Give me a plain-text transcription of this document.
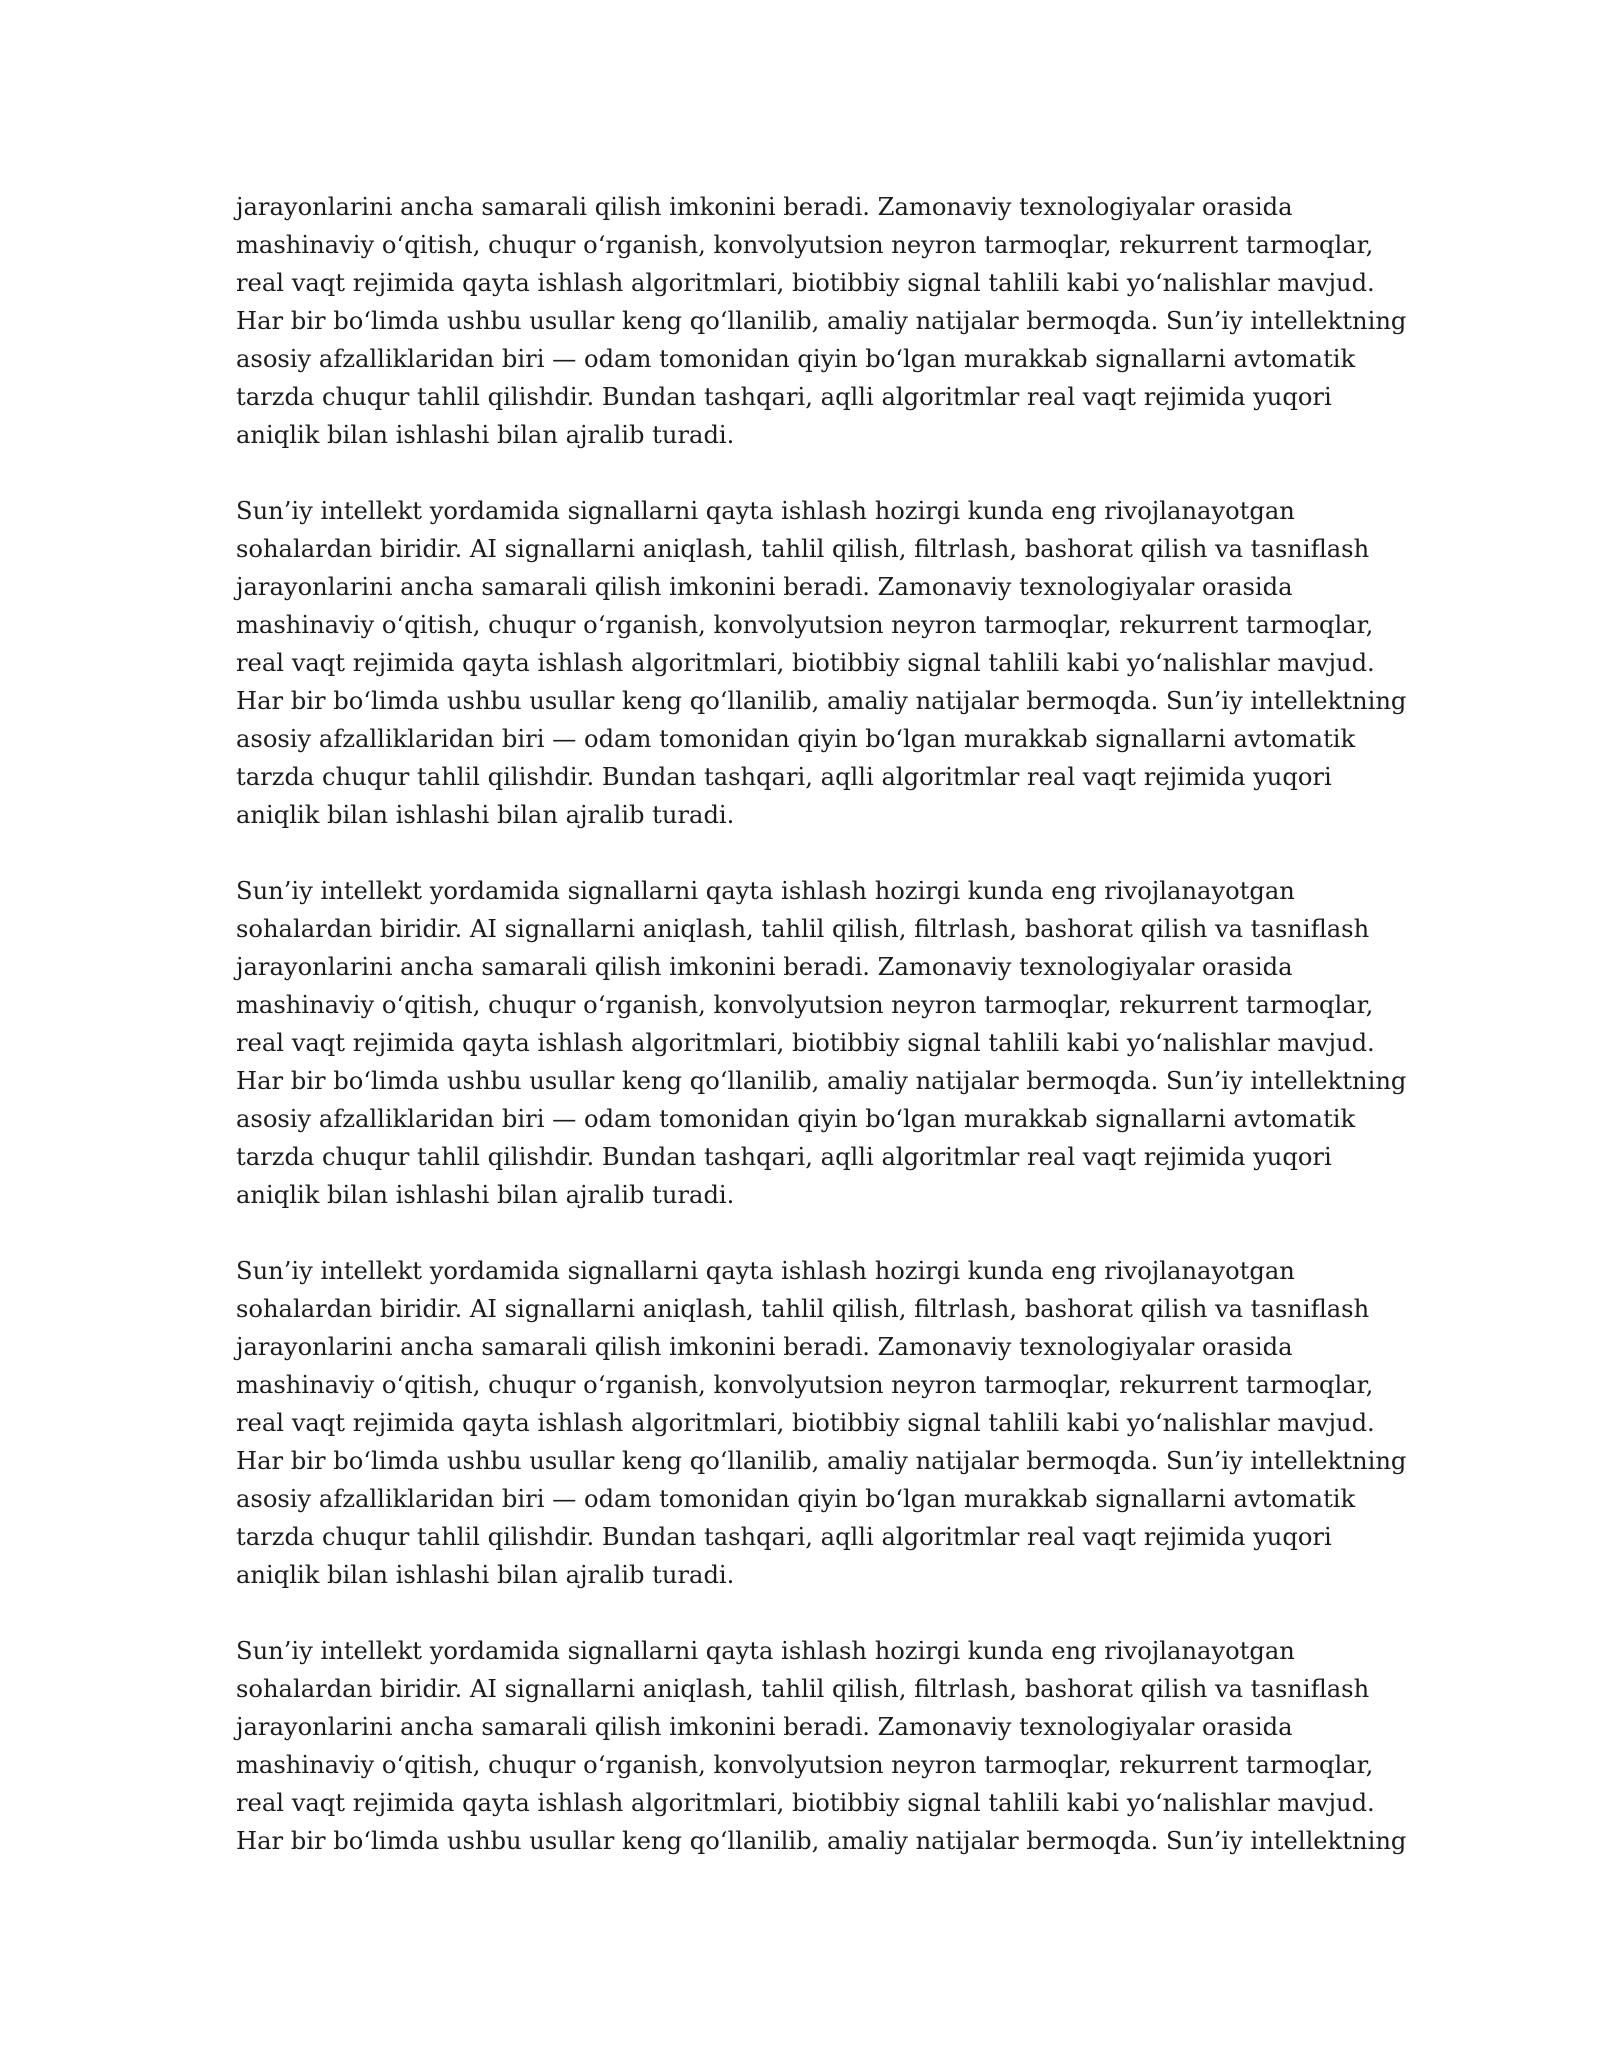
jarayonlarini ancha samarali qilish imkonini beradi. Zamonaviy texnologiyalar orasida
mashinaviy o‘qitish, chuqur o‘rganish, konvolyutsion neyron tarmoqlar, rekurrent tarmoqlar,
real vaqt rejimida qayta ishlash algoritmlari, biotibbiy signal tahlili kabi yo‘nalishlar mavjud.
Har bir bo‘limda ushbu usullar keng qo‘llanilib, amaliy natijalar bermoqda. Sun’iy intellektning
asosiy afzalliklaridan biri — odam tomonidan qiyin bo‘lgan murakkab signallarni avtomatik
tarzda chuqur tahlil qilishdir. Bundan tashqari, aqlli algoritmlar real vaqt rejimida yuqori
aniqlik bilan ishlashi bilan ajralib turadi.

Sun’iy intellekt yordamida signallarni qayta ishlash hozirgi kunda eng rivojlanayotgan
sohalardan biridir. AI signallarni aniqlash, tahlil qilish, filtrlash, bashorat qilish va tasniflash
jarayonlarini ancha samarali qilish imkonini beradi. Zamonaviy texnologiyalar orasida
mashinaviy o‘qitish, chuqur o‘rganish, konvolyutsion neyron tarmoqlar, rekurrent tarmoqlar,
real vaqt rejimida qayta ishlash algoritmlari, biotibbiy signal tahlili kabi yo‘nalishlar mavjud.
Har bir bo‘limda ushbu usullar keng qo‘llanilib, amaliy natijalar bermoqda. Sun’iy intellektning
asosiy afzalliklaridan biri — odam tomonidan qiyin bo‘lgan murakkab signallarni avtomatik
tarzda chuqur tahlil qilishdir. Bundan tashqari, aqlli algoritmlar real vaqt rejimida yuqori
aniqlik bilan ishlashi bilan ajralib turadi.

Sun’iy intellekt yordamida signallarni qayta ishlash hozirgi kunda eng rivojlanayotgan
sohalardan biridir. AI signallarni aniqlash, tahlil qilish, filtrlash, bashorat qilish va tasniflash
jarayonlarini ancha samarali qilish imkonini beradi. Zamonaviy texnologiyalar orasida
mashinaviy o‘qitish, chuqur o‘rganish, konvolyutsion neyron tarmoqlar, rekurrent tarmoqlar,
real vaqt rejimida qayta ishlash algoritmlari, biotibbiy signal tahlili kabi yo‘nalishlar mavjud.
Har bir bo‘limda ushbu usullar keng qo‘llanilib, amaliy natijalar bermoqda. Sun’iy intellektning
asosiy afzalliklaridan biri — odam tomonidan qiyin bo‘lgan murakkab signallarni avtomatik
tarzda chuqur tahlil qilishdir. Bundan tashqari, aqlli algoritmlar real vaqt rejimida yuqori
aniqlik bilan ishlashi bilan ajralib turadi.

Sun’iy intellekt yordamida signallarni qayta ishlash hozirgi kunda eng rivojlanayotgan
sohalardan biridir. AI signallarni aniqlash, tahlil qilish, filtrlash, bashorat qilish va tasniflash
jarayonlarini ancha samarali qilish imkonini beradi. Zamonaviy texnologiyalar orasida
mashinaviy o‘qitish, chuqur o‘rganish, konvolyutsion neyron tarmoqlar, rekurrent tarmoqlar,
real vaqt rejimida qayta ishlash algoritmlari, biotibbiy signal tahlili kabi yo‘nalishlar mavjud.
Har bir bo‘limda ushbu usullar keng qo‘llanilib, amaliy natijalar bermoqda. Sun’iy intellektning
asosiy afzalliklaridan biri — odam tomonidan qiyin bo‘lgan murakkab signallarni avtomatik
tarzda chuqur tahlil qilishdir. Bundan tashqari, aqlli algoritmlar real vaqt rejimida yuqori
aniqlik bilan ishlashi bilan ajralib turadi.

Sun’iy intellekt yordamida signallarni qayta ishlash hozirgi kunda eng rivojlanayotgan
sohalardan biridir. AI signallarni aniqlash, tahlil qilish, filtrlash, bashorat qilish va tasniflash
jarayonlarini ancha samarali qilish imkonini beradi. Zamonaviy texnologiyalar orasida
mashinaviy o‘qitish, chuqur o‘rganish, konvolyutsion neyron tarmoqlar, rekurrent tarmoqlar,
real vaqt rejimida qayta ishlash algoritmlari, biotibbiy signal tahlili kabi yo‘nalishlar mavjud.
Har bir bo‘limda ushbu usullar keng qo‘llanilib, amaliy natijalar bermoqda. Sun’iy intellektning
